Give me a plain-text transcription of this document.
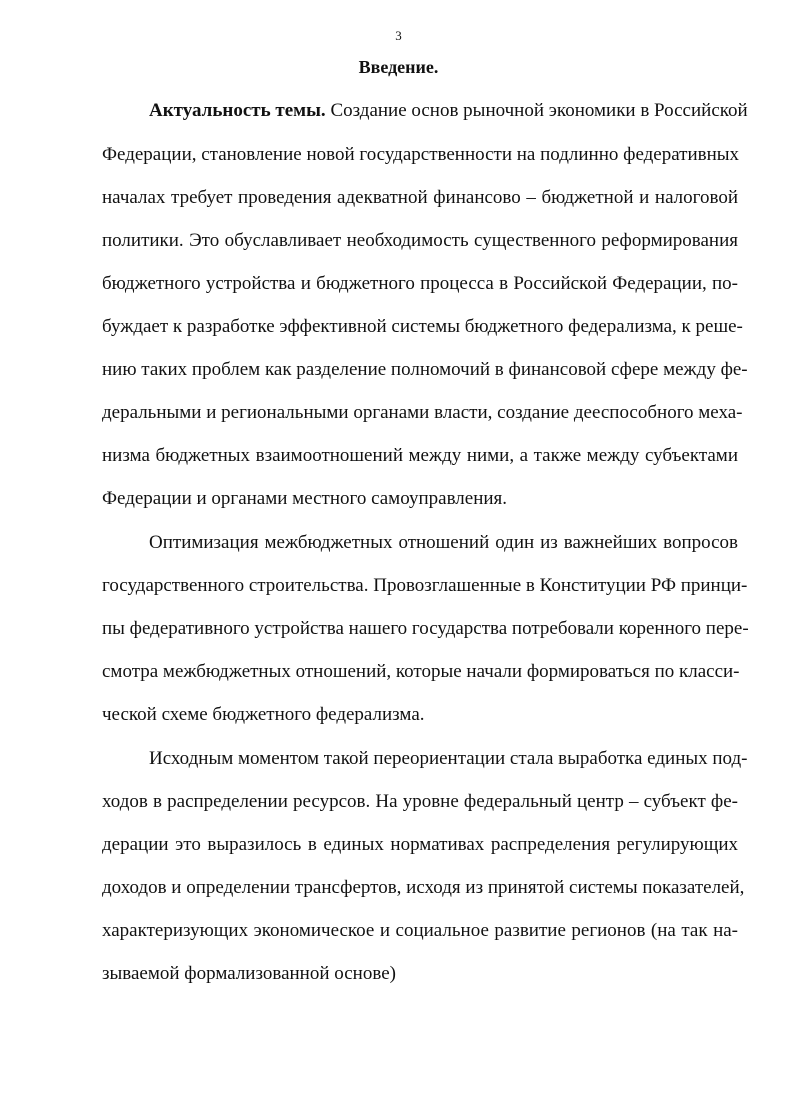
3
Введение.
Актуальность темы. Создание основ рыночной экономики в Российской
Федерации, становление новой государственности на подлинно федеративных
началах требует проведения адекватной финансово – бюджетной и налоговой
политики. Это обуславливает необходимость существенного реформирования
бюджетного устройства и бюджетного процесса в Российской Федерации, по-
буждает к разработке эффективной системы бюджетного федерализма, к реше-
нию таких проблем как разделение полномочий в финансовой сфере между фе-
деральными и региональными органами власти, создание дееспособного меха-
низма бюджетных взаимоотношений между ними, а также между субъектами
Федерации и органами местного самоуправления.
Оптимизация межбюджетных отношений один из важнейших вопросов
государственного строительства. Провозглашенные в Конституции РФ принци-
пы федеративного устройства нашего государства потребовали коренного пере-
смотра межбюджетных отношений, которые начали формироваться по класси-
ческой схеме бюджетного федерализма.
Исходным моментом такой переориентации стала выработка единых под-
ходов в распределении ресурсов. На уровне федеральный центр – субъект фе-
дерации это выразилось в единых нормативах распределения регулирующих
доходов и определении трансфертов, исходя из принятой системы показателей,
характеризующих экономическое и социальное развитие регионов (на так на-
зываемой формализованной основе)
